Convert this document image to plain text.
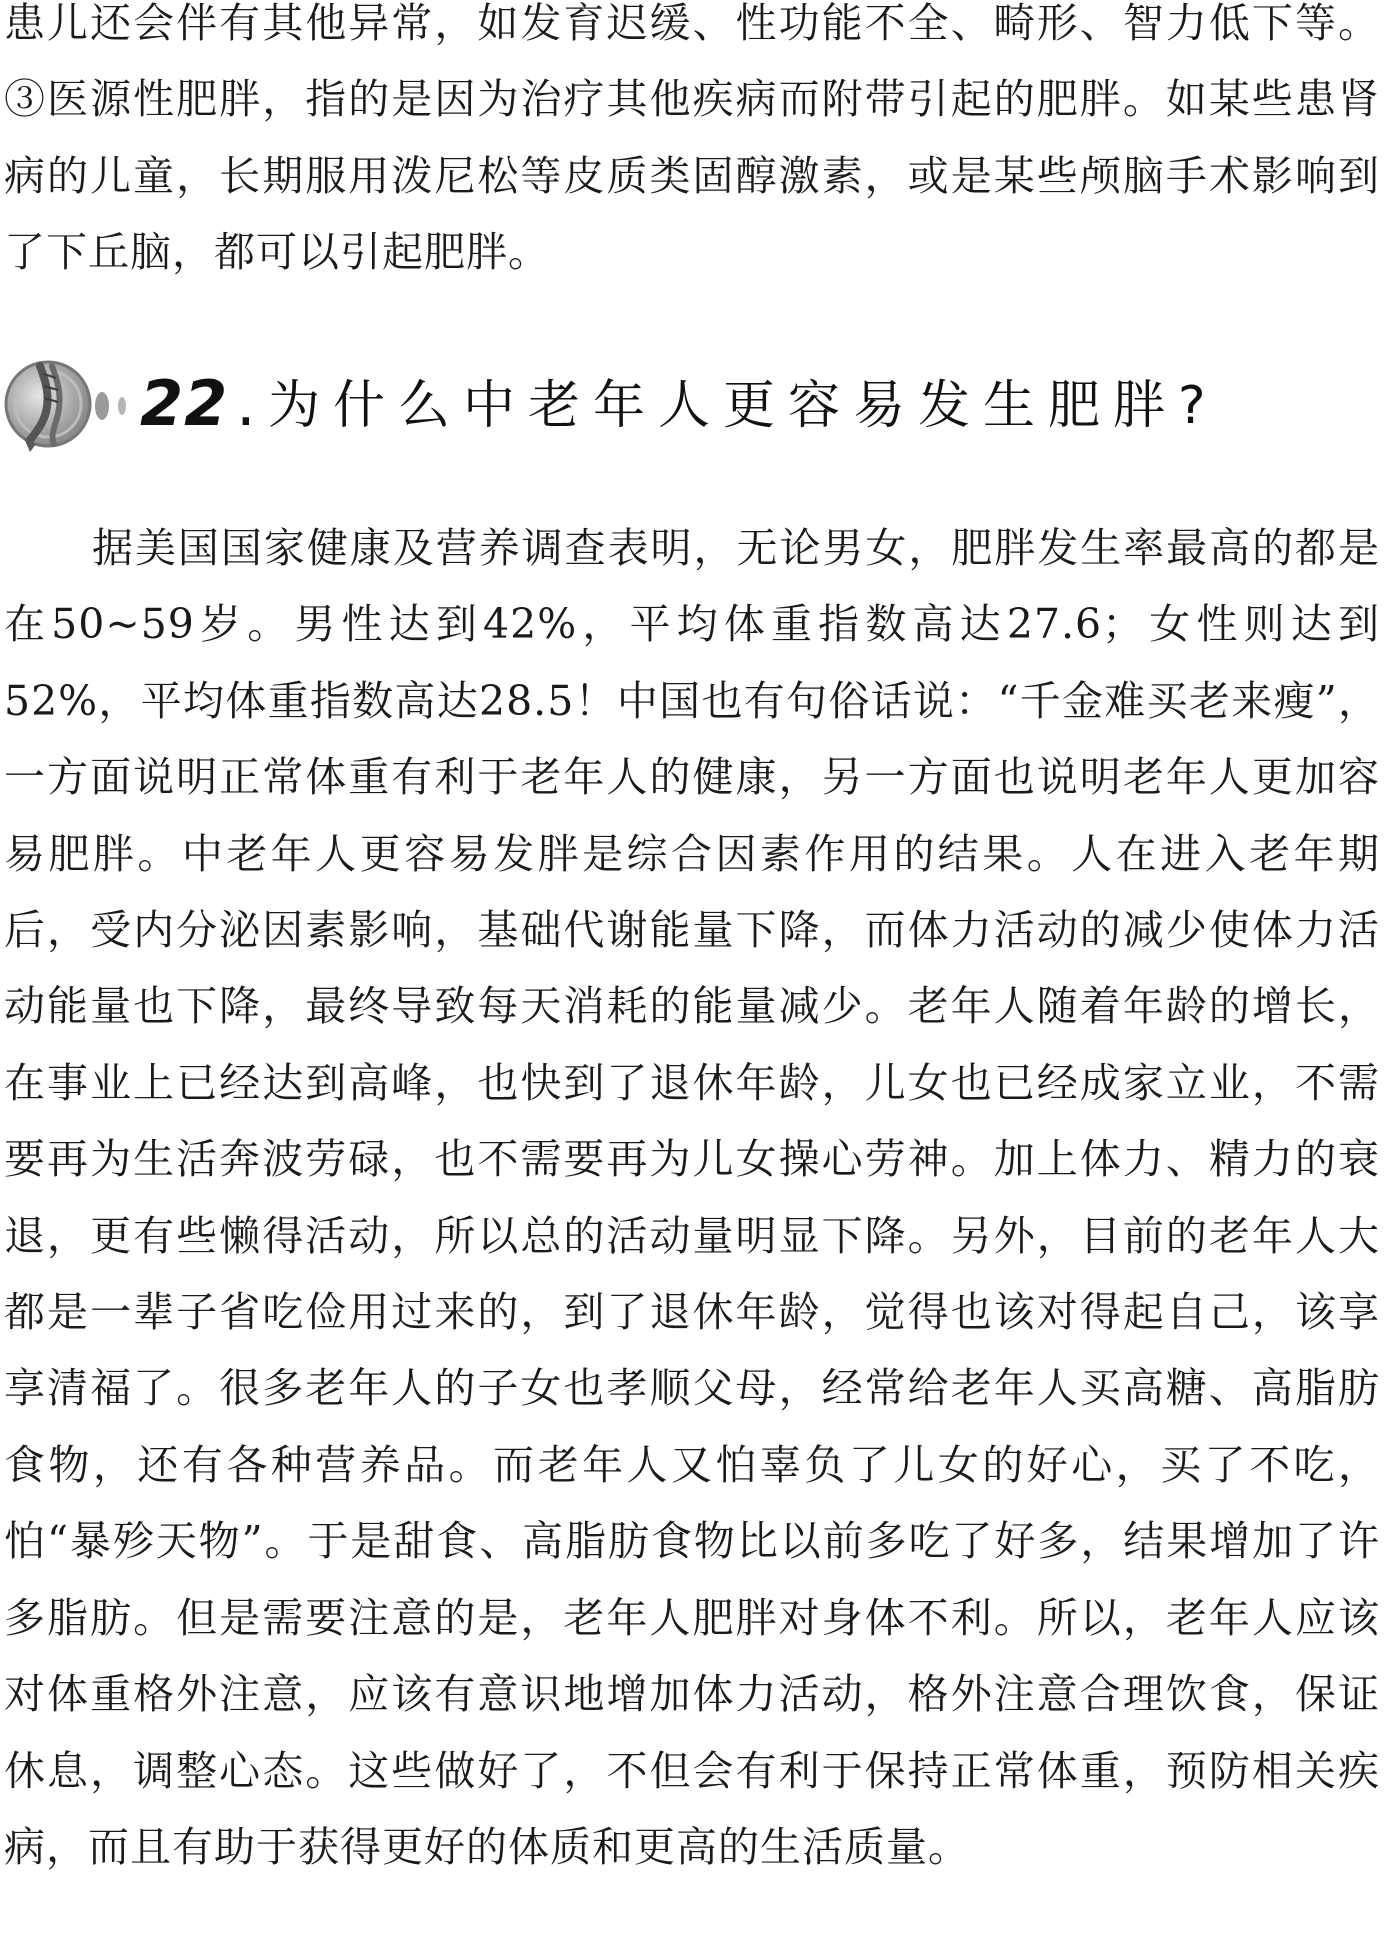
患儿还会伴有其他异常，如发育迟缓、性功能不全、畸形、智力低下等。③医源性肥胖，指的是因为治疗其他疾病而附带引起的肥胖。如某些患肾病的儿童，长期服用泼尼松等皮质类固醇激素，或是某些颅脑手术影响到了下丘脑，都可以引起肥胖。

22 . 为什么中老年人更容易发生肥胖?

据美国国家健康及营养调查表明，无论男女，肥胖发生率最高的都是在50~59岁。男性达到42%，平均体重指数高达27.6；女性则达到52%，平均体重指数高达28.5！中国也有句俗话说：“千金难买老来瘦”，一方面说明正常体重有利于老年人的健康，另一方面也说明老年人更加容易肥胖。中老年人更容易发胖是综合因素作用的结果。人在进入老年期后，受内分泌因素影响，基础代谢能量下降，而体力活动的减少使体力活动能量也下降，最终导致每天消耗的能量减少。老年人随着年龄的增长，在事业上已经达到高峰，也快到了退休年龄，儿女也已经成家立业，不需要再为生活奔波劳碌，也不需要再为儿女操心劳神。加上体力、精力的衰退，更有些懒得活动，所以总的活动量明显下降。另外，目前的老年人大都是一辈子省吃俭用过来的，到了退休年龄，觉得也该对得起自己，该享享清福了。很多老年人的子女也孝顺父母，经常给老年人买高糖、高脂肪食物，还有各种营养品。而老年人又怕辜负了儿女的好心，买了不吃，怕“暴殄天物”。于是甜食、高脂肪食物比以前多吃了好多，结果增加了许多脂肪。但是需要注意的是，老年人肥胖对身体不利。所以，老年人应该对体重格外注意，应该有意识地增加体力活动，格外注意合理饮食，保证休息，调整心态。这些做好了，不但会有利于保持正常体重，预防相关疾病，而且有助于获得更好的体质和更高的生活质量。
